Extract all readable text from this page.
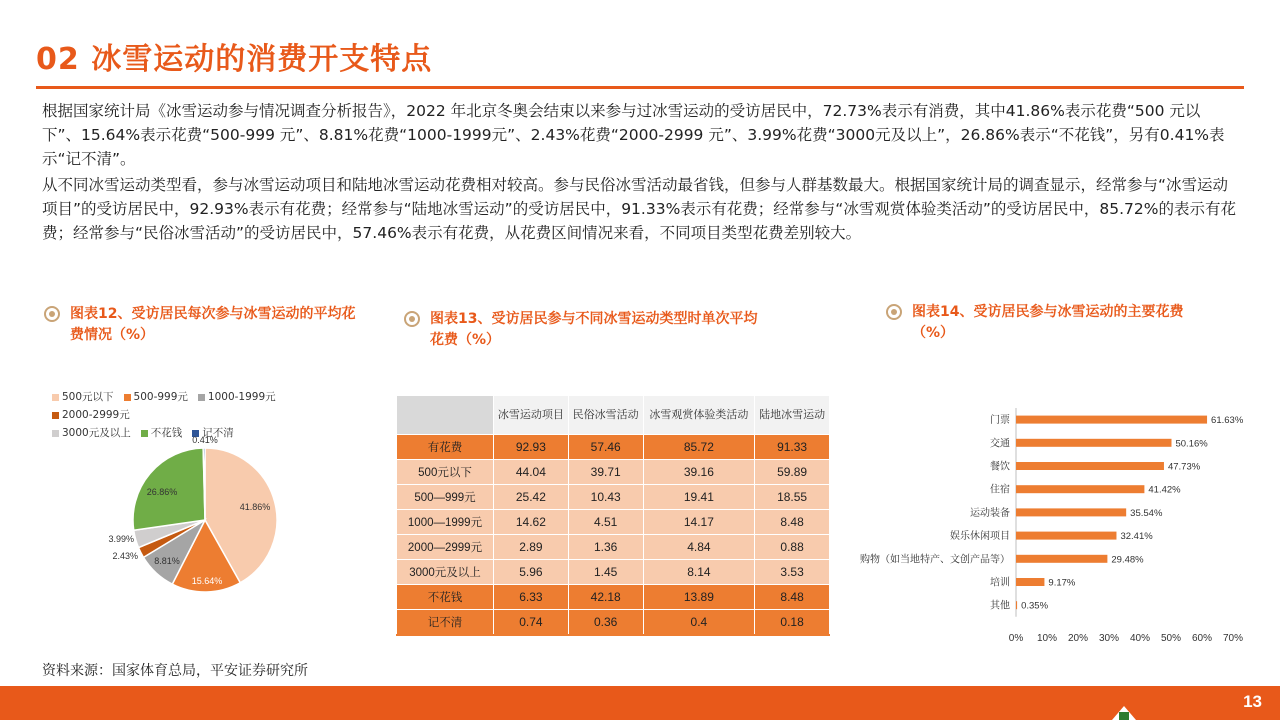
02 冰雪运动的消费开支特点

根据国家统计局《冰雪运动参与情况调查分析报告》，2022 年北京冬奥会结束以来参与过冰雪运动的受访居民中，72.73%表示有消费，其中41.86%表示花费“500 元以下”、15.64%表示花费“500-999 元”、8.81%花费“1000-1999元”、2.43%花费“2000-2999 元”、3.99%花费“3000元及以上”，26.86%表示“不花钱”，另有0.41%表示“记不清”。

从不同冰雪运动类型看，参与冰雪运动项目和陆地冰雪运动花费相对较高。参与民俗冰雪活动最省钱，但参与人群基数最大。根据国家统计局的调查显示，经常参与“冰雪运动项目”的受访居民中，92.93%表示有花费；经常参与“陆地冰雪运动”的受访居民中，91.33%表示有花费；经常参与“冰雪观赏体验类活动”的受访居民中，85.72%的表示有花费；经常参与“民俗冰雪活动”的受访居民中，57.46%表示有花费，从花费区间情况来看，不同项目类型花费差别较大。

图表12、受访居民每次参与冰雪运动的平均花费情况（%）
图表13、受访居民参与不同冰雪运动类型时单次平均花费（%）
图表14、受访居民参与冰雪运动的主要花费（%）
500元以下 500-999元 1000-1999元2000-2999元
3000元及以上 不花钱 记不清
41.86%
15.64%
8.81%
2.43%
3.99%
26.86%
0.41%
	冰雪运动项目	民俗冰雪活动	冰雪观赏体验类活动	陆地冰雪运动
有花费	92.93	57.46	85.72	91.33
500元以下	44.04	39.71	39.16	59.89
500—999元	25.42	10.43	19.41	18.55
1000—1999元	14.62	4.51	14.17	8.48
2000—2999元	2.89	1.36	4.84	0.88
3000元及以上	5.96	1.45	8.14	3.53
不花钱	6.33	42.18	13.89	8.48
记不清	0.74	0.36	0.4	0.18
门票	61.63%
交通	50.16%
餐饮	47.73%
住宿	41.42%
运动装备	35.54%
娱乐休闲项目	32.41%
购物（如当地特产、文创产品等）	29.48%
培训	9.17%
其他 0.35%
0% 10% 20% 30% 40% 50% 60% 70%
资料来源：国家体育总局，平安证券研究所
13
